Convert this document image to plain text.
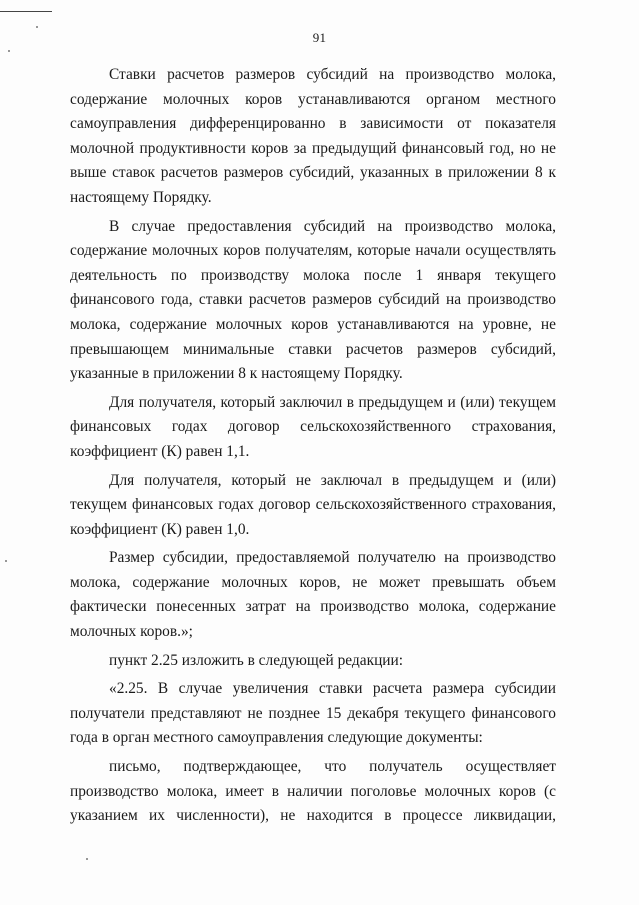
91

Ставки расчетов размеров субсидий на производство молока, содержание молочных коров устанавливаются органом местного самоуправления дифференцированно в зависимости от показателя молочной продуктивности коров за предыдущий финансовый год, но не выше ставок расчетов размеров субсидий, указанных в приложении 8 к настоящему Порядку.

В случае предоставления субсидий на производство молока, содержание молочных коров получателям, которые начали осуществлять деятельность по производству молока после 1 января текущего финансового года, ставки расчетов размеров субсидий на производство молока, содержание молочных коров устанавливаются на уровне, не превышающем минимальные ставки расчетов размеров субсидий, указанные в приложении 8 к настоящему Порядку.

Для получателя, который заключил в предыдущем и (или) текущем финансовых годах договор сельскохозяйственного страхования, коэффициент (К) равен 1,1.

Для получателя, который не заключал в предыдущем и (или) текущем финансовых годах договор сельскохозяйственного страхования, коэффициент (К) равен 1,0.

Размер субсидии, предоставляемой получателю на производство молока, содержание молочных коров, не может превышать объем фактически понесенных затрат на производство молока, содержание молочных коров.»;

пункт 2.25 изложить в следующей редакции:

«2.25. В случае увеличения ставки расчета размера субсидии получатели представляют не позднее 15 декабря текущего финансового года в орган местного самоуправления следующие документы:

письмо, подтверждающее, что получатель осуществляет производство молока, имеет в наличии поголовье молочных коров (с указанием их численности), не находится в процессе ликвидации,
